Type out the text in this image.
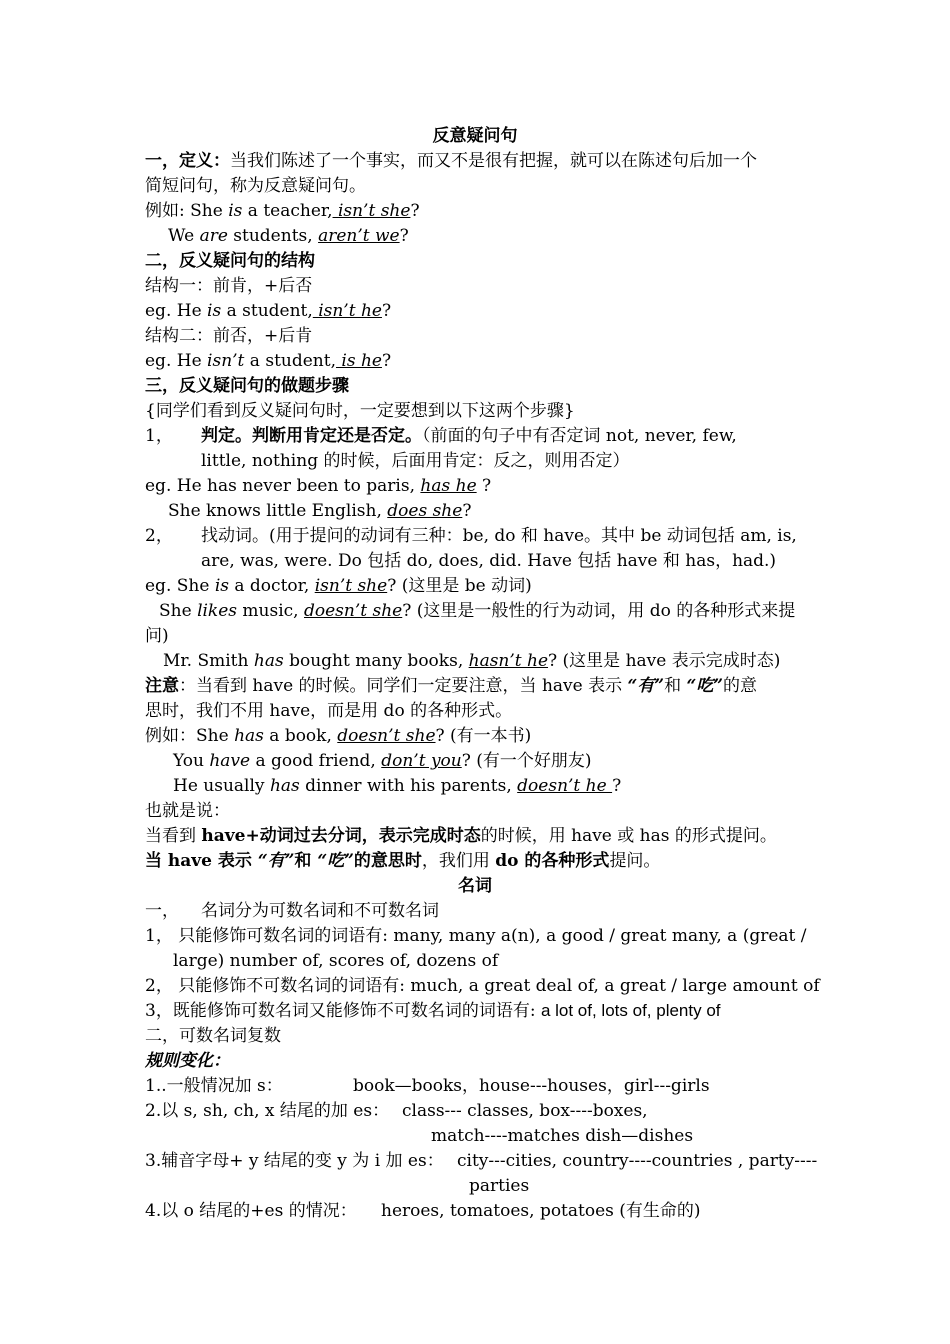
反意疑问句
一，定义：当我们陈述了一个事实，而又不是很有把握，就可以在陈述句后加一个
简短问句，称为反意疑问句。
例如: She is a teacher, isn’t she?
We are students, aren’t we?
二，反义疑问句的结构
结构一：前肯，+后否
eg. He is a student, isn’t he?
结构二：前否，+后肯
eg. He isn’t a student, is he?
三，反义疑问句的做题步骤
{同学们看到反义疑问句时，一定要想到以下这两个步骤}
1， 判定。判断用肯定还是否定。（前面的句子中有否定词 not, never, few,
little, nothing 的时候，后面用肯定：反之，则用否定）
eg. He has never been to paris, has he ?
She knows little English, does she?
2， 找动词。(用于提问的动词有三种：be, do 和 have。其中 be 动词包括 am, is,
are, was, were. Do 包括 do, does, did. Have 包括 have 和 has，had.)
eg. She is a doctor, isn’t she? (这里是 be 动词)
She likes music, doesn’t she? (这里是一般性的行为动词，用 do 的各种形式来提
问)
Mr. Smith has bought many books, hasn’t he? (这里是 have 表示完成时态)
注意：当看到 have 的时候。同学们一定要注意，当 have 表示 “有”和 “吃”的意
思时，我们不用 have，而是用 do 的各种形式。
例如：She has a book, doesn’t she? (有一本书)
You have a good friend, don’t you? (有一个好朋友)
He usually has dinner with his parents, doesn’t he ?
也就是说：
当看到 have+动词过去分词，表示完成时态的时候，用 have 或 has 的形式提问。
当 have 表示 “有”和 “吃”的意思时，我们用 do 的各种形式提问。
名词
一， 名词分为可数名词和不可数名词
1， 只能修饰可数名词的词语有: many, many a(n), a good / great many, a (great /
large) number of, scores of, dozens of
2， 只能修饰不可数名词的词语有: much, a great deal of, a great / large amount of
3，既能修饰可数名词又能修饰不可数名词的词语有: a lot of, lots of, plenty of
二，可数名词复数
规则变化：
1..一般情况加 s：	book—books，house---houses，girl---girls
2.以 s, sh, ch, x 结尾的加 es： class--- classes, box----boxes,
match----matches dish—dishes
3.辅音字母+ y 结尾的变 y 为 i 加 es： city---cities, country----countries , party----
parties
4.以 o 结尾的+es 的情况： heroes, tomatoes, potatoes (有生命的)
